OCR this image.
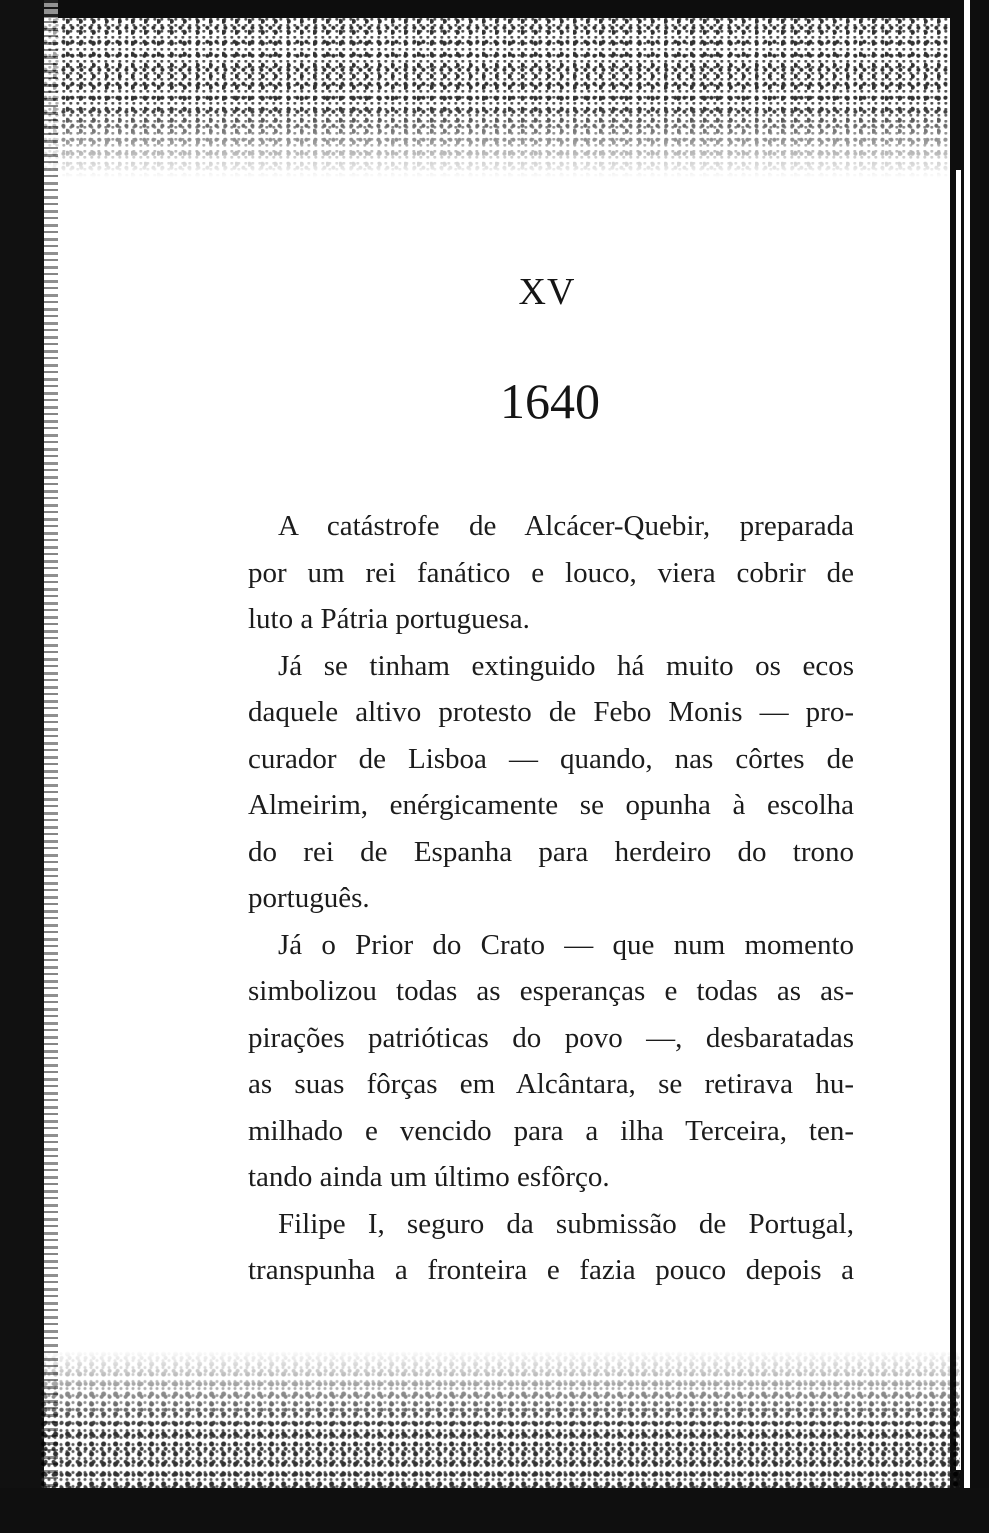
XV
1640
A catástrofe de Alcácer-Quebir, preparada
por um rei fanático e louco, viera cobrir de
luto a Pátria portuguesa.
Já se tinham extinguido há muito os ecos
daquele altivo protesto de Febo Monis — pro-
curador de Lisboa — quando, nas côrtes de
Almeirim, enérgicamente se opunha à escolha
do rei de Espanha para herdeiro do trono
português.
Já o Prior do Crato — que num momento
simbolizou todas as esperanças e todas as as-
pirações patrióticas do povo —, desbaratadas
as suas fôrças em Alcântara, se retirava hu-
milhado e vencido para a ilha Terceira, ten-
tando ainda um último esfôrço.
Filipe I, seguro da submissão de Portugal,
transpunha a fronteira e fazia pouco depois a
